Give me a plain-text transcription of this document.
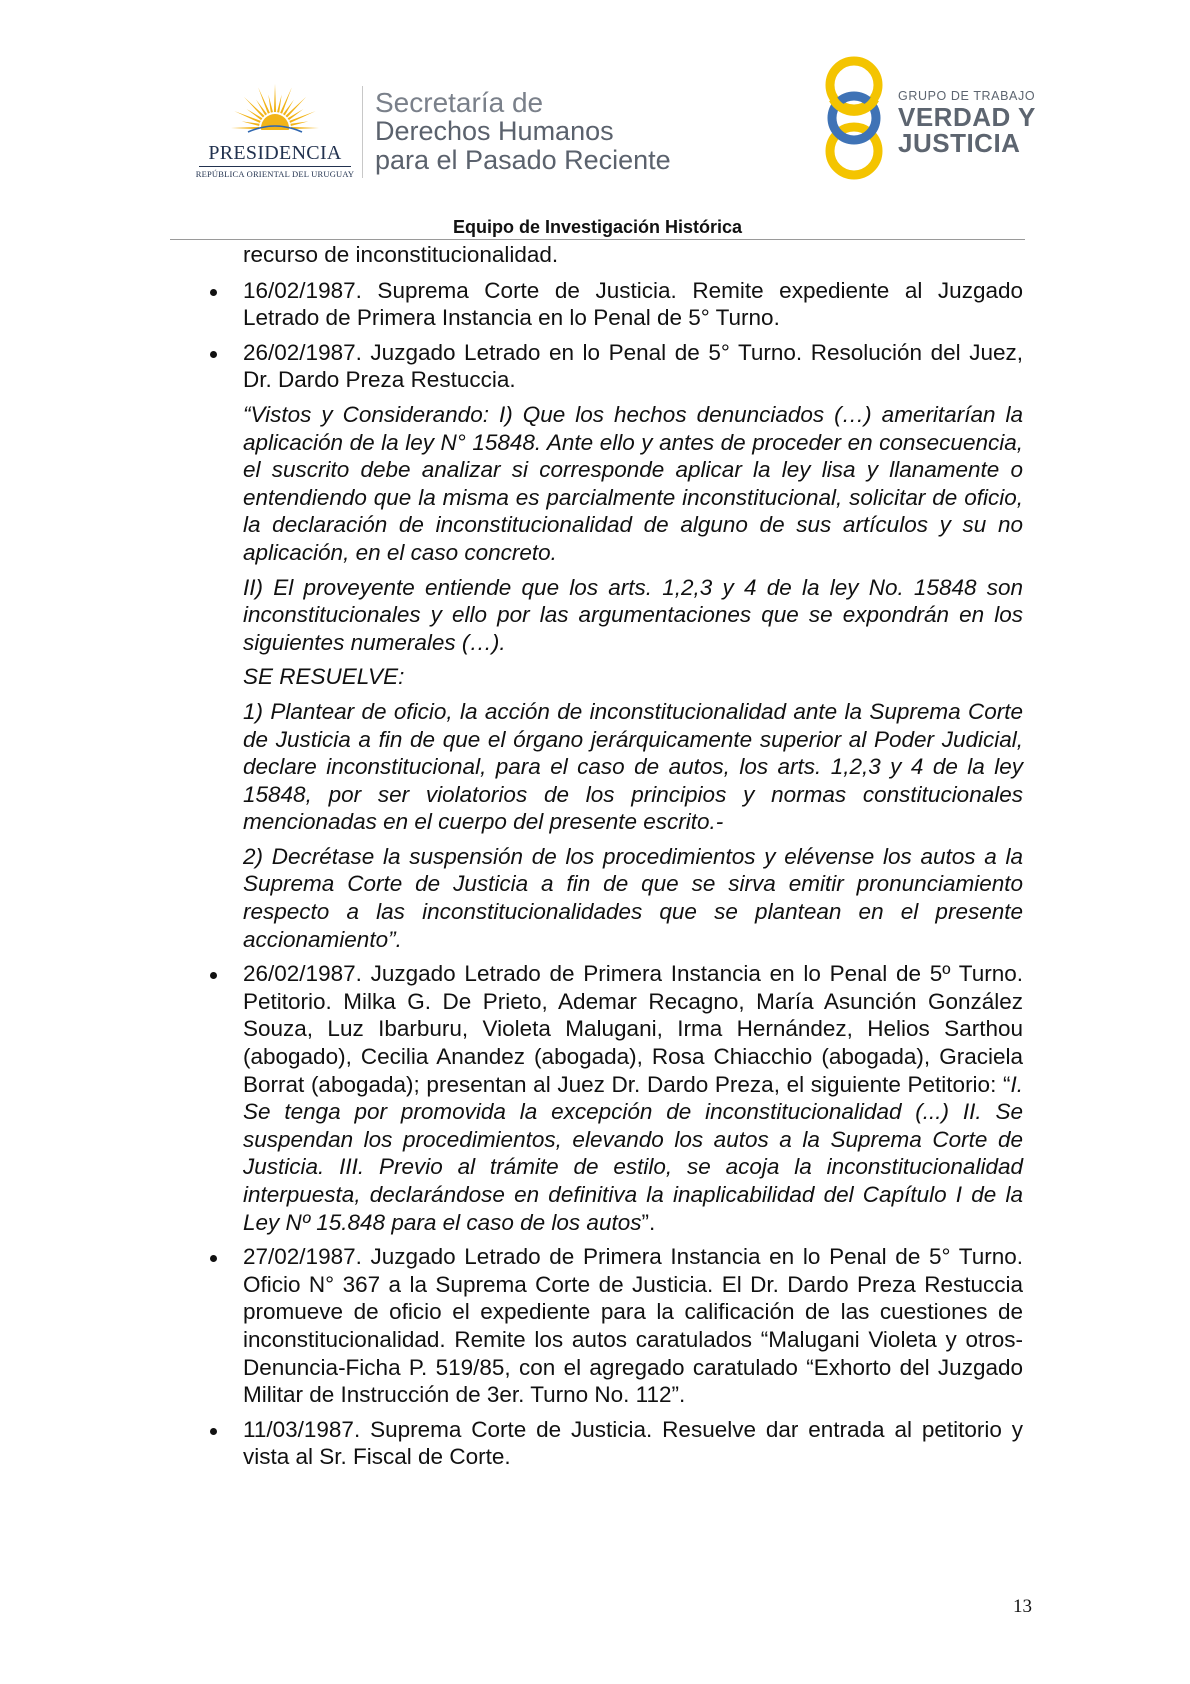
PRESIDENCIA
REPÚBLICA ORIENTAL DEL URUGUAY
Secretaría de
Derechos Humanos
para el Pasado Reciente
GRUPO DE TRABAJO
VERDAD Y
JUSTICIA
Equipo de Investigación Histórica
recurso de inconstitucionalidad.
16/02/1987. Suprema Corte de Justicia. Remite expediente al Juzgado Letrado de Primera Instancia en lo Penal de 5° Turno.
26/02/1987. Juzgado Letrado en lo Penal de 5° Turno. Resolución del Juez, Dr. Dardo Preza Restuccia.
“Vistos y Considerando: I) Que los hechos denunciados (…) ameritarían la aplicación de la ley N° 15848. Ante ello y antes de proceder en consecuencia, el suscrito debe analizar si corresponde aplicar la ley lisa y llanamente o entendiendo que la misma es parcialmente inconstitucional, solicitar de oficio, la declaración de inconstitucionalidad de alguno de sus artículos y su no aplicación, en el caso concreto.
II) El proveyente entiende que los arts. 1,2,3 y 4 de la ley No. 15848 son inconstitucionales y ello por las argumentaciones que se expondrán en los siguientes numerales (…).
SE RESUELVE:
1) Plantear de oficio, la acción de inconstitucionalidad ante la Suprema Corte de Justicia a fin de que el órgano jerárquicamente superior al Poder Judicial, declare inconstitucional, para el caso de autos, los arts. 1,2,3 y 4 de la ley 15848, por ser violatorios de los principios y normas constitucionales mencionadas en el cuerpo del presente escrito.-
2) Decrétase la suspensión de los procedimientos y elévense los autos a la Suprema Corte de Justicia a fin de que se sirva emitir pronunciamiento respecto a las inconstitucionalidades que se plantean en el presente accionamiento”.
26/02/1987. Juzgado Letrado de Primera Instancia en lo Penal de 5º Turno. Petitorio. Milka G. De Prieto, Ademar Recagno, María Asunción González Souza, Luz Ibarburu, Violeta Malugani, Irma Hernández, Helios Sarthou (abogado), Cecilia Anandez (abogada), Rosa Chiacchio (abogada), Graciela Borrat (abogada); presentan al Juez Dr. Dardo Preza, el siguiente Petitorio: “I. Se tenga por promovida la excepción de inconstitucionalidad (...) II. Se suspendan los procedimientos, elevando los autos a la Suprema Corte de Justicia. III. Previo al trámite de estilo, se acoja la inconstitucionalidad interpuesta, declarándose en definitiva la inaplicabilidad del Capítulo I de la Ley Nº 15.848 para el caso de los autos”.
27/02/1987. Juzgado Letrado de Primera Instancia en lo Penal de 5° Turno. Oficio N° 367 a la Suprema Corte de Justicia. El Dr. Dardo Preza Restuccia promueve de oficio el expediente para la calificación de las cuestiones de inconstitucionalidad. Remite los autos caratulados “Malugani Violeta y otros-Denuncia-Ficha P. 519/85, con el agregado caratulado “Exhorto del Juzgado Militar de Instrucción de 3er. Turno No. 112”.
11/03/1987. Suprema Corte de Justicia. Resuelve dar entrada al petitorio y vista al Sr. Fiscal de Corte.
13
